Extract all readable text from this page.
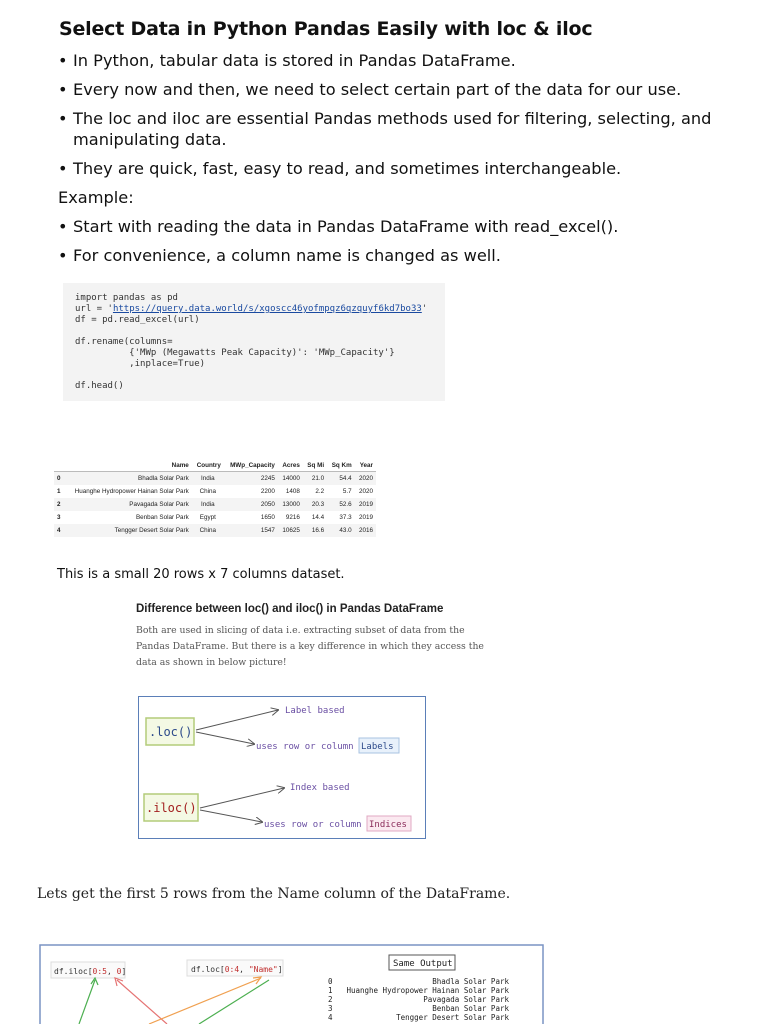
Select Data in Python Pandas Easily with loc & iloc
• In Python, tabular data is stored in Pandas DataFrame.
• Every now and then, we need to select certain part of the data for our use.
• The loc and iloc are essential Pandas methods used for filtering, selecting, and manipulating data.
• They are quick, fast, easy to read, and sometimes interchangeable.
Example:
• Start with reading the data in Pandas DataFrame with read_excel().
• For convenience, a column name is changed as well.
import pandas as pd
url = 'https://query.data.world/s/xgoscc46yofmpqz6qzquyf6kd7bo33'
df = pd.read_excel(url)

df.rename(columns=
{'MWp (Megawatts Peak Capacity)': 'MWp_Capacity'}
,inplace=True)

df.head()
	Name	Country	MWp_Capacity	Acres	Sq Mi	Sq Km	Year
0	Bhadla Solar Park	India	2245	14000	21.0	54.4	2020
1	Huanghe Hydropower Hainan Solar Park	China	2200	1408	2.2	5.7	2020
2	Pavagada Solar Park	India	2050	13000	20.3	52.6	2019
3	Benban Solar Park	Egypt	1650	9216	14.4	37.3	2019
4	Tengger Desert Solar Park	China	1547	10625	16.6	43.0	2016
This is a small 20 rows x 7 columns dataset.
Difference between loc() and iloc() in Pandas DataFrame
Both are used in slicing of data i.e. extracting subset of data from the Pandas DataFrame. But there is a key difference in which they access the data as shown in below picture!
.loc()
Label based
uses row or column Labels
.iloc()
Index based
uses row or column Indices
Lets get the first 5 rows from the Name column of the DataFrame.
df.iloc[0:5, 0]	df.loc[0:4, "Name"]
Same Output
0	Bhadla Solar Park
1 Huanghe Hydropower Hainan Solar Park
2	Pavagada Solar Park
3	Benban Solar Park
4	Tengger Desert Solar Park
